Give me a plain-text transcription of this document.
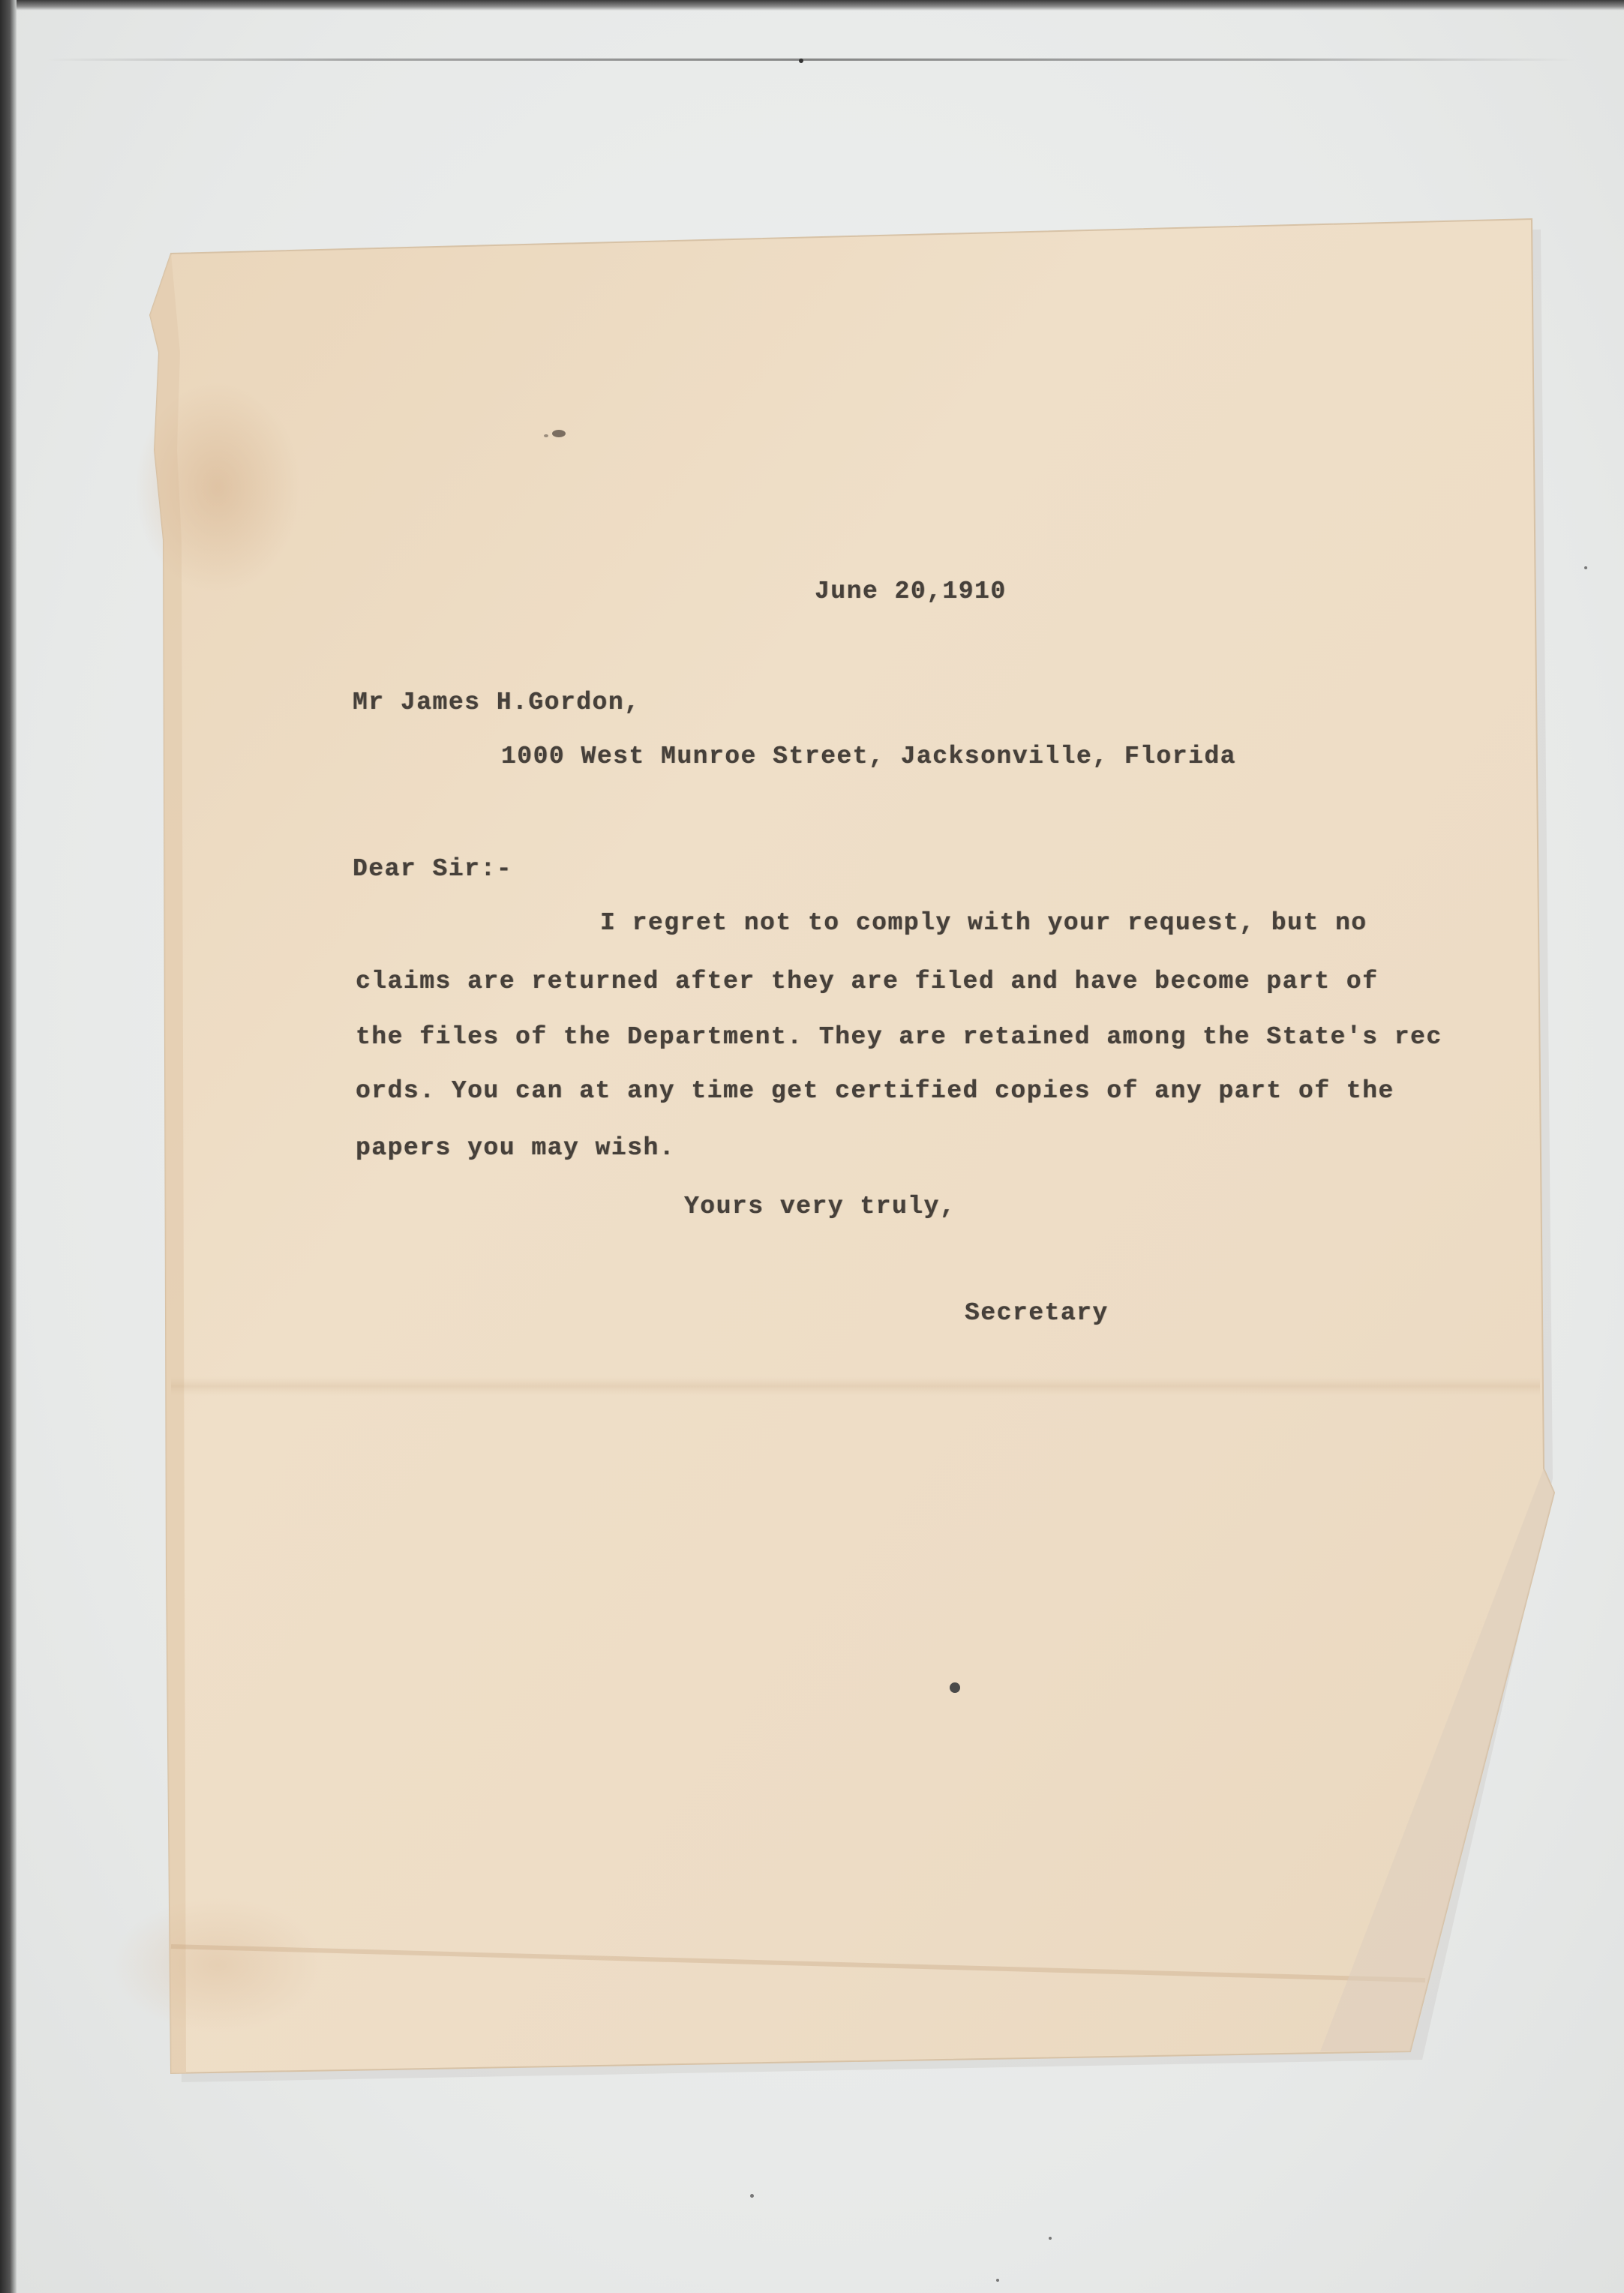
June 20,1910
Mr James H.Gordon,
1000 West Munroe Street, Jacksonville, Florida
Dear Sir:-
I regret not to comply with your request, but no
claims are returned after they are filed and have become part of
the files of the Department. They are retained among the State's rec
ords. You can at any time get certified copies of any part of the
papers you may wish.
Yours very truly,
Secretary
